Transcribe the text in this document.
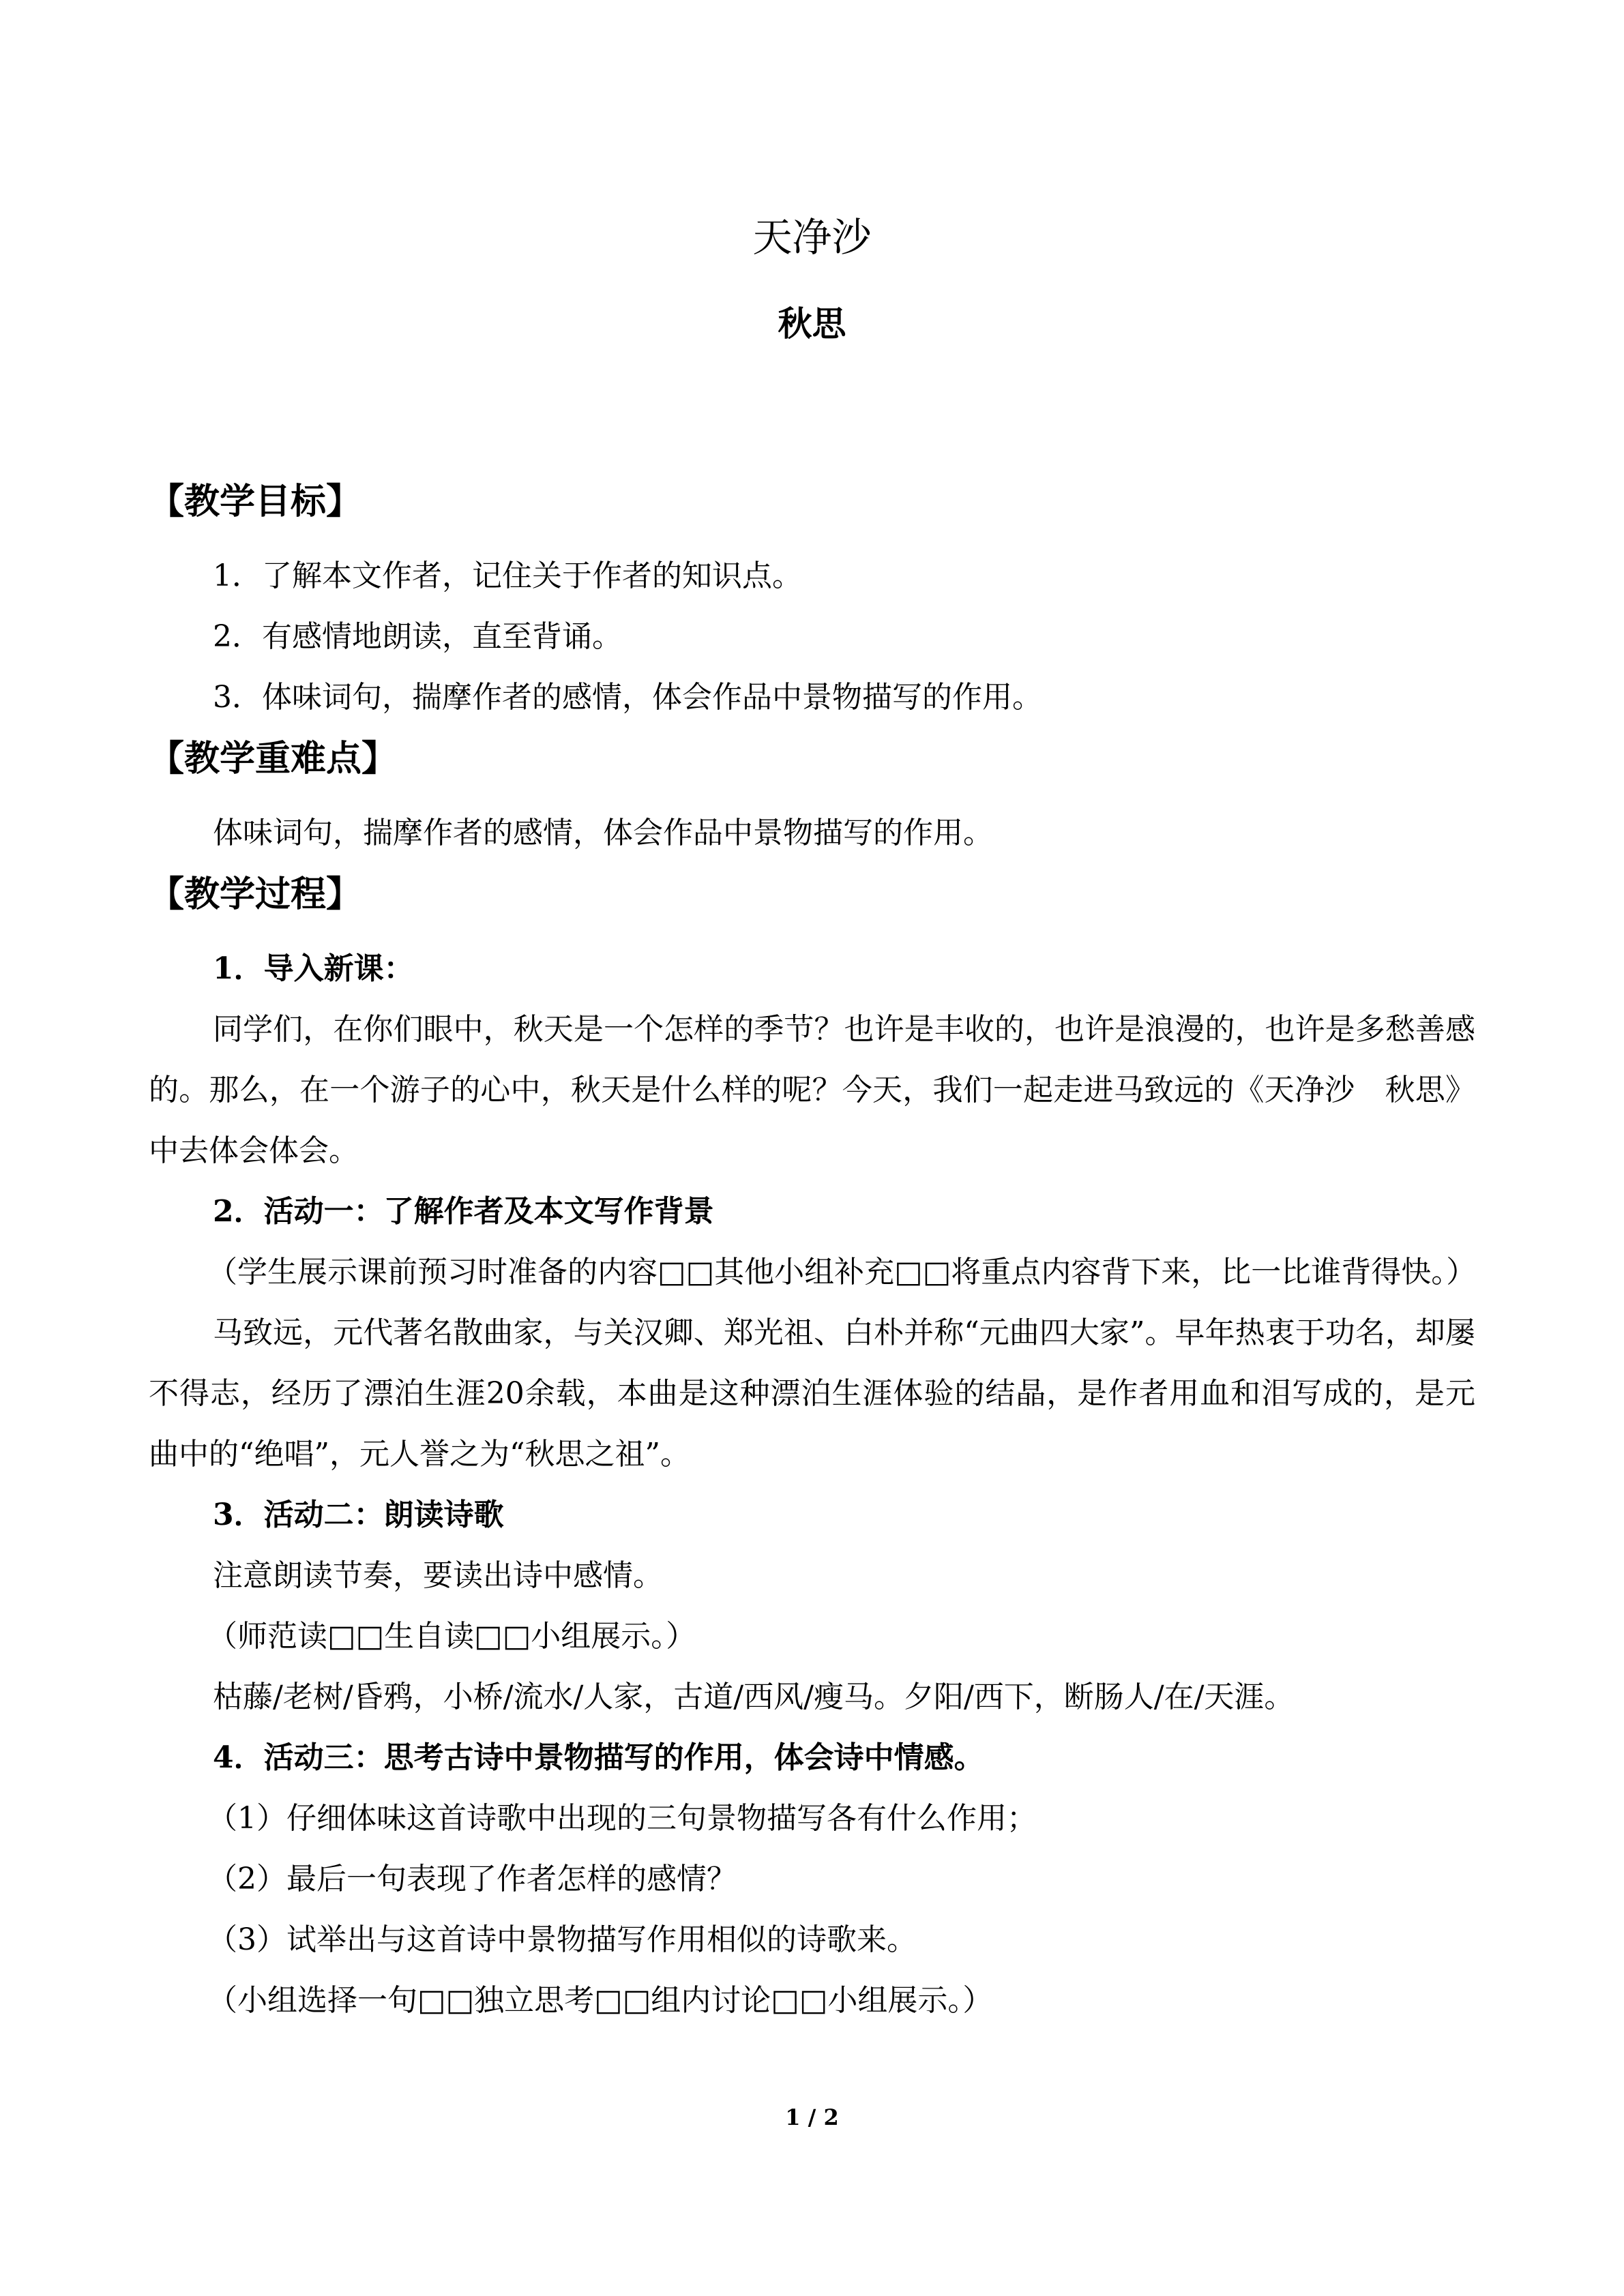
天净沙
秋思
【教学目标】

1．了解本文作者，记住关于作者的知识点。

2．有感情地朗读，直至背诵。

3．体味词句，揣摩作者的感情，体会作品中景物描写的作用。

【教学重难点】

体味词句，揣摩作者的感情，体会作品中景物描写的作用。

【教学过程】

1．导入新课：

同学们，在你们眼中，秋天是一个怎样的季节？也许是丰收的，也许是浪漫的，也许是多愁善感的。那么，在一个游子的心中，秋天是什么样的呢？今天，我们一起走进马致远的《天净沙　秋思》中去体会体会。

2．活动一：了解作者及本文写作背景

（学生展示课前预习时准备的内容□□其他小组补充□□将重点内容背下来，比一比谁背得快。）

马致远，元代著名散曲家，与关汉卿、郑光祖、白朴并称“元曲四大家”。早年热衷于功名，却屡不得志，经历了漂泊生涯20余载，本曲是这种漂泊生涯体验的结晶，是作者用血和泪写成的，是元曲中的“绝唱”，元人誉之为“秋思之祖”。

3．活动二：朗读诗歌

注意朗读节奏，要读出诗中感情。

（师范读□□生自读□□小组展示。）

枯藤/老树/昏鸦，小桥/流水/人家，古道/西风/瘦马。夕阳/西下，断肠人/在/天涯。

4．活动三：思考古诗中景物描写的作用，体会诗中情感。

（1）仔细体味这首诗歌中出现的三句景物描写各有什么作用；

（2）最后一句表现了作者怎样的感情？

（3）试举出与这首诗中景物描写作用相似的诗歌来。

（小组选择一句□□独立思考□□组内讨论□□小组展示。）

1 / 2
